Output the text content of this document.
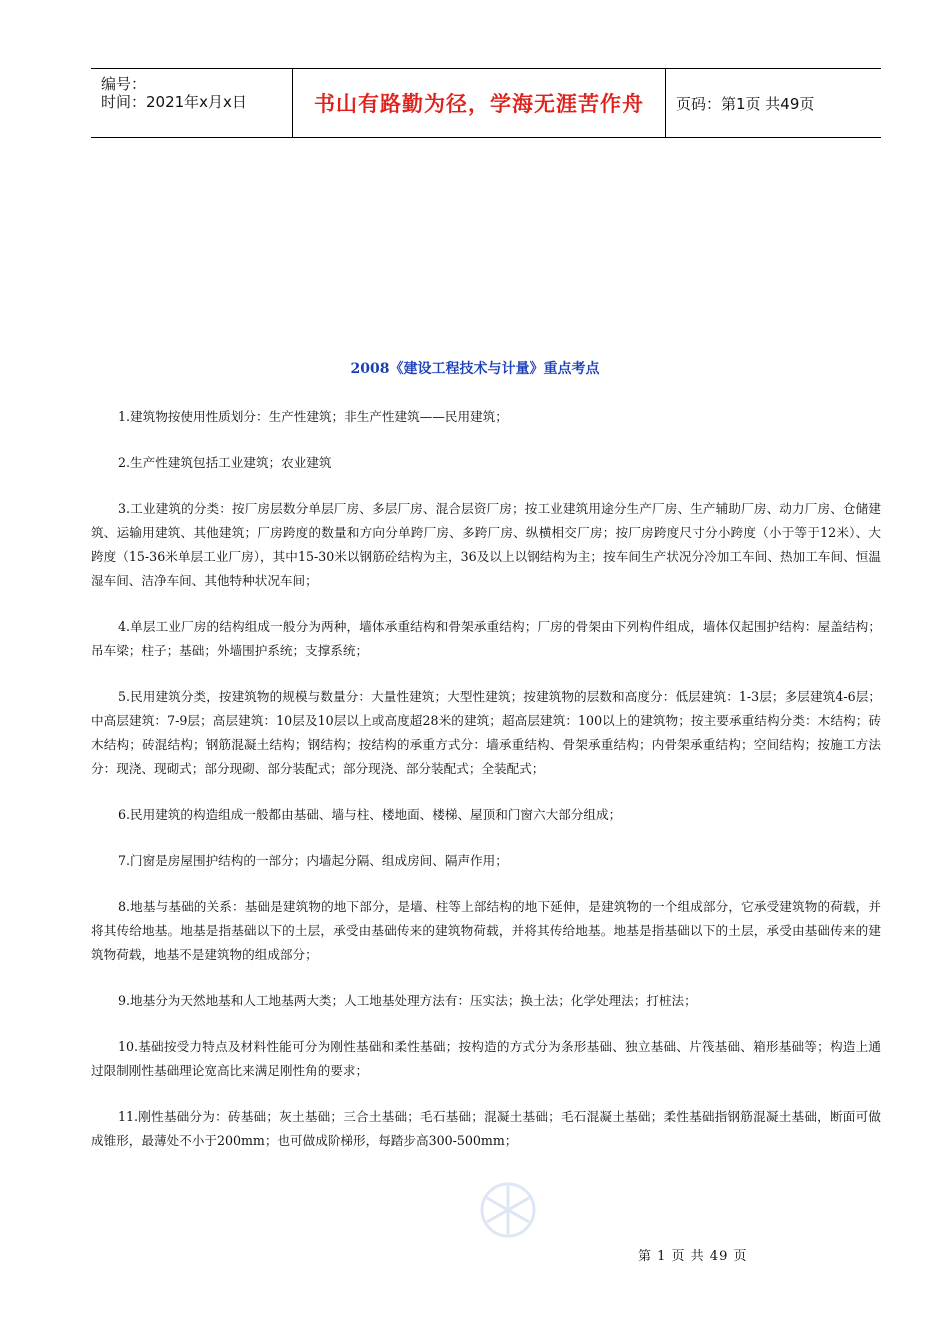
编号：
时间：2021年x月x日	书山有路勤为径，学海无涯苦作舟 页码：第1页 共49页
2008《建设工程技术与计量》重点考点

1.建筑物按使用性质划分：生产性建筑；非生产性建筑——民用建筑；

2.生产性建筑包括工业建筑；农业建筑

3.工业建筑的分类：按厂房层数分单层厂房、多层厂房、混合层资厂房；按工业建筑用途分生产厂房、生产辅助厂房、动力厂房、仓储建筑、运输用建筑、其他建筑；厂房跨度的数量和方向分单跨厂房、多跨厂房、纵横相交厂房；按厂房跨度尺寸分小跨度（小于等于12米）、大跨度（15-36米单层工业厂房），其中15-30米以钢筋砼结构为主，36及以上以钢结构为主；按车间生产状况分冷加工车间、热加工车间、恒温湿车间、洁净车间、其他特种状况车间；

4.单层工业厂房的结构组成一般分为两种，墙体承重结构和骨架承重结构；厂房的骨架由下列构件组成，墙体仅起围护结构：屋盖结构；吊车梁；柱子；基础；外墙围护系统；支撑系统；

5.民用建筑分类，按建筑物的规模与数量分：大量性建筑；大型性建筑；按建筑物的层数和高度分：低层建筑：1-3层；多层建筑4-6层；中高层建筑：7-9层；高层建筑：10层及10层以上或高度超28米的建筑；超高层建筑：100以上的建筑物；按主要承重结构分类：木结构；砖木结构；砖混结构；钢筋混凝土结构；钢结构；按结构的承重方式分：墙承重结构、骨架承重结构；内骨架承重结构；空间结构；按施工方法分：现浇、现砌式；部分现砌、部分装配式；部分现浇、部分装配式；全装配式；

6.民用建筑的构造组成一般都由基础、墙与柱、楼地面、楼梯、屋顶和门窗六大部分组成；

7.门窗是房屋围护结构的一部分；内墙起分隔、组成房间、隔声作用；

8.地基与基础的关系：基础是建筑物的地下部分，是墙、柱等上部结构的地下延伸，是建筑物的一个组成部分，它承受建筑物的荷载，并将其传给地基。地基是指基础以下的土层，承受由基础传来的建筑物荷载，并将其传给地基。地基是指基础以下的土层，承受由基础传来的建筑物荷载，地基不是建筑物的组成部分；

9.地基分为天然地基和人工地基两大类；人工地基处理方法有：压实法；换土法；化学处理法；打桩法；

10.基础按受力特点及材料性能可分为刚性基础和柔性基础；按构造的方式分为条形基础、独立基础、片筏基础、箱形基础等；构造上通过限制刚性基础理论宽高比来满足刚性角的要求；

11.刚性基础分为：砖基础；灰土基础；三合土基础；毛石基础；混凝土基础；毛石混凝土基础；柔性基础指钢筋混凝土基础，断面可做成锥形，最薄处不小于200mm；也可做成阶梯形，每踏步高300-500mm；

第 1 页 共 49 页
